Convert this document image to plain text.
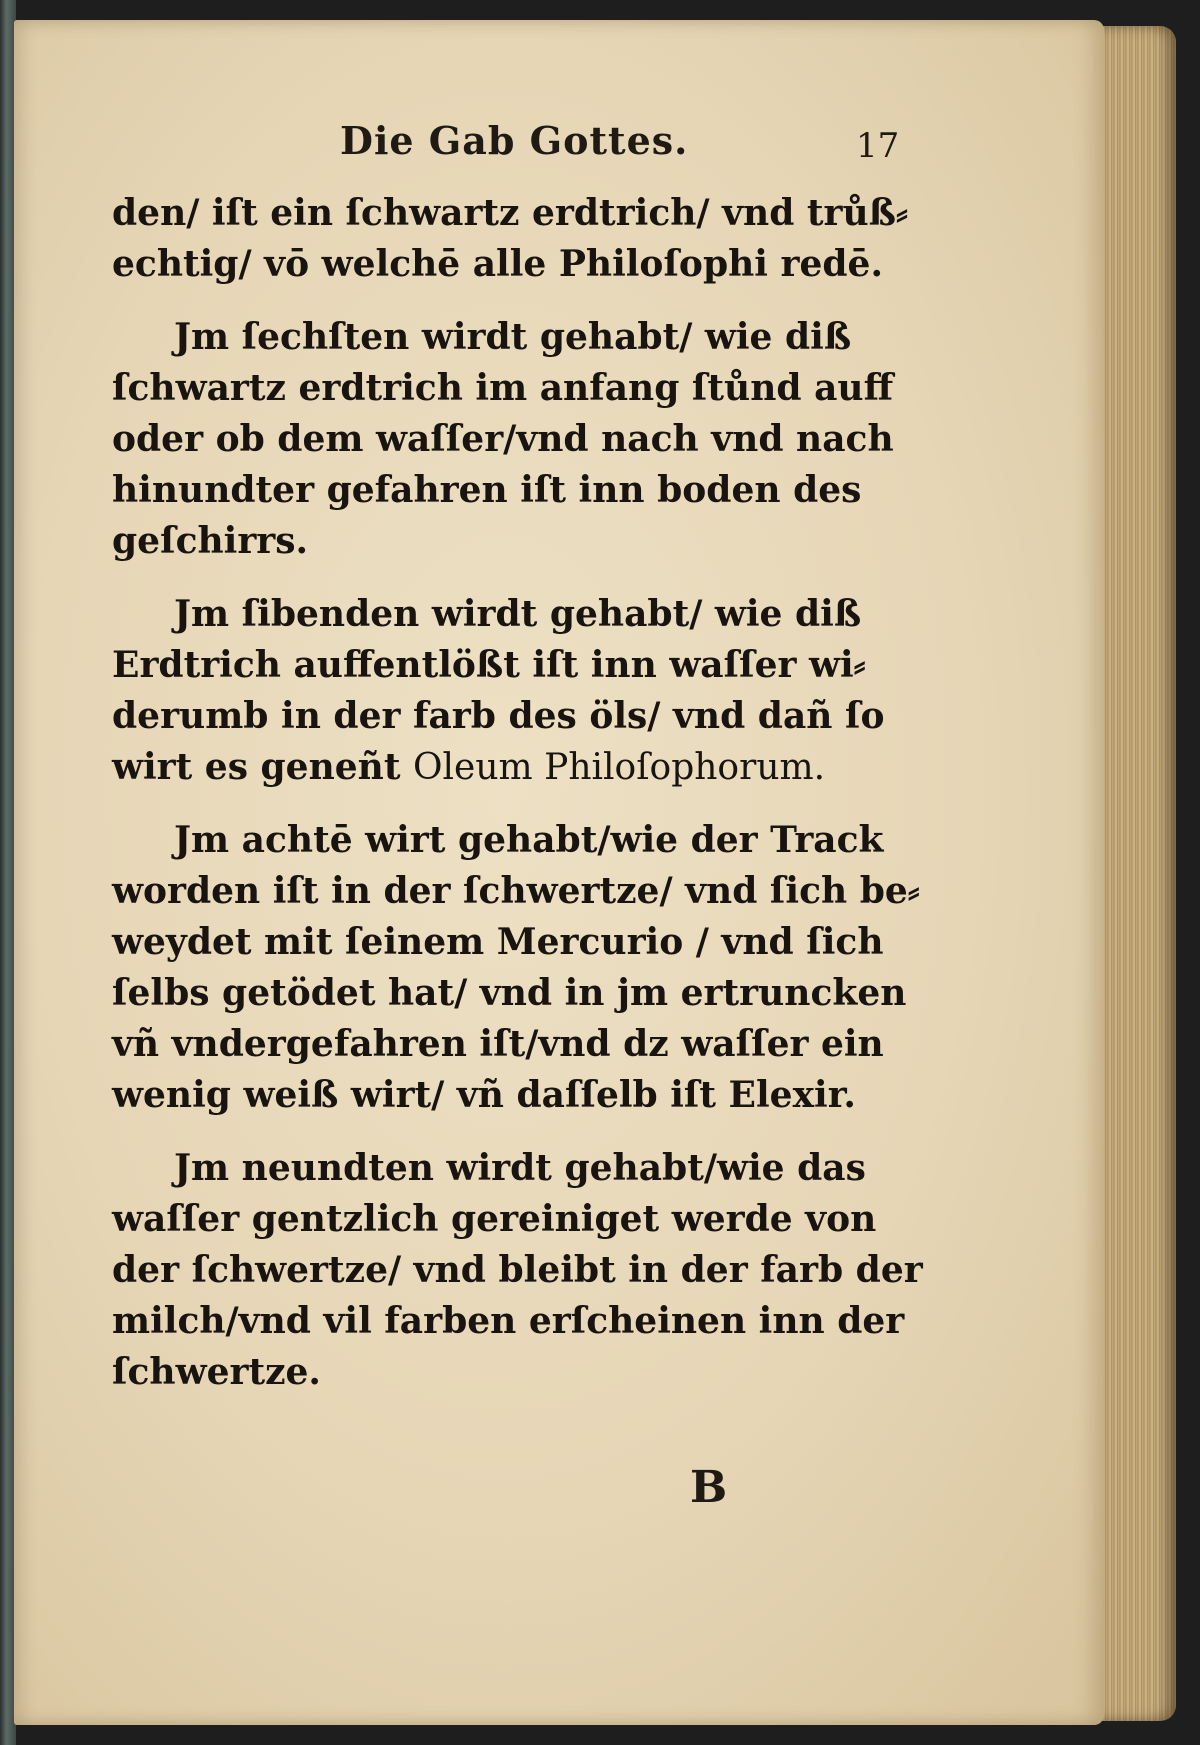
Die Gab Gottes.	17
den/ iſt ein ſchwartz erdtrich/ vnd trůß⸗
echtig/ vō welchē alle Philoſophi redē.
Jm ſechſten wirdt gehabt/ wie diß
ſchwartz erdtrich im anfang ſtůnd auff
oder ob dem waſſer/vnd nach vnd nach
hinundter gefahren iſt inn boden des
geſchirrs.
Jm ſibenden wirdt gehabt/ wie diß
Erdtrich auffentlößt iſt inn waſſer wi⸗
derumb in der farb des öls/ vnd dañ ſo
wirt es geneñt Oleum Philoſophorum.
Jm achtē wirt gehabt/wie der Track
worden iſt in der ſchwertze/ vnd ſich be⸗
weydet mit ſeinem Mercurio / vnd ſich
ſelbs getödet hat/ vnd in jm ertruncken
vñ vndergefahren iſt/vnd dz waſſer ein
wenig weiß wirt/ vñ daſſelb iſt Elexir.
Jm neundten wirdt gehabt/wie das
waſſer gentzlich gereiniget werde von
der ſchwertze/ vnd bleibt in der farb der
milch/vnd vil farben erſcheinen inn der
ſchwertze.
B
